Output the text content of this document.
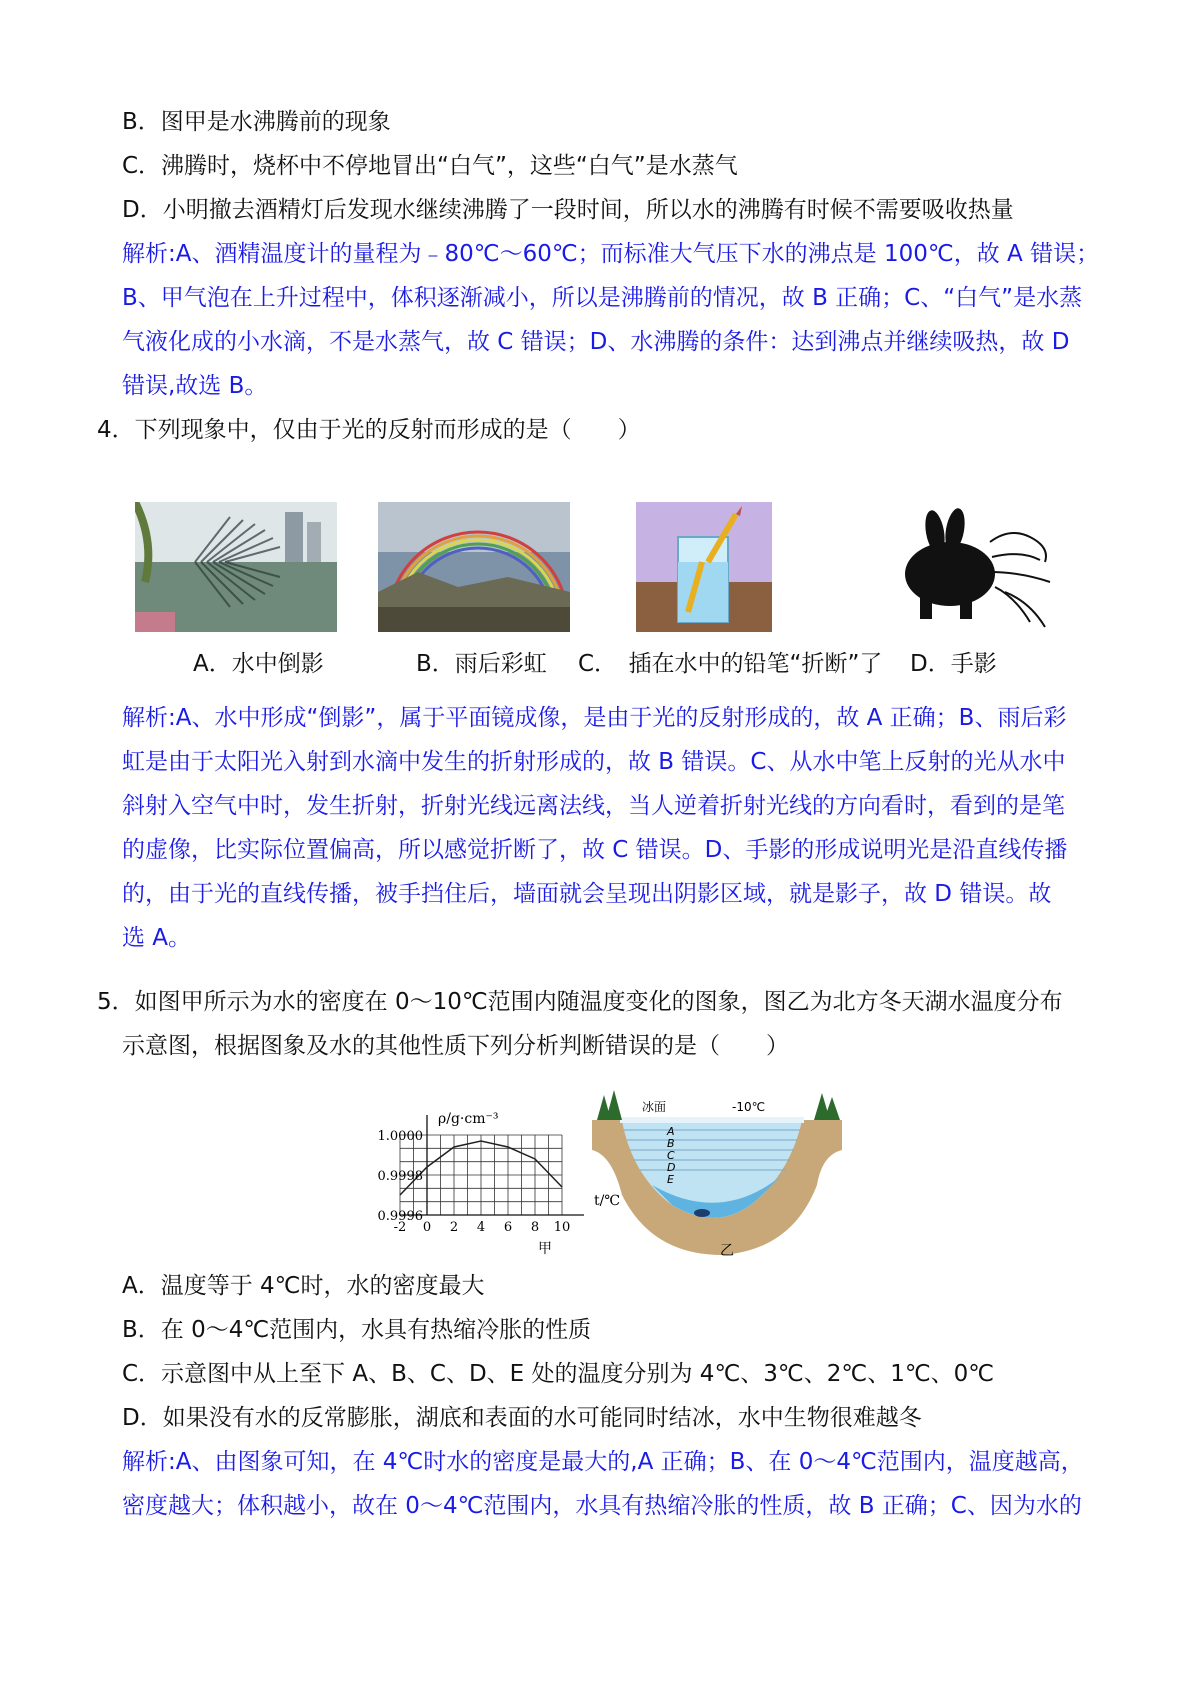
B．图甲是水沸腾前的现象
C．沸腾时，烧杯中不停地冒出“白气”，这些“白气”是水蒸气
D．小明撤去酒精灯后发现水继续沸腾了一段时间，所以水的沸腾有时候不需要吸收热量
解析:A、酒精温度计的量程为﹣80℃～60℃；而标准大气压下水的沸点是 100℃，故 A 错误；
B、甲气泡在上升过程中，体积逐渐减小，所以是沸腾前的情况，故 B 正确；C、“白气”是水蒸
气液化成的小水滴，不是水蒸气，故 C 错误；D、水沸腾的条件：达到沸点并继续吸热，故 D
错误,故选 B。
4．下列现象中，仅由于光的反射而形成的是（　　）
A．水中倒影	B．雨后彩虹 C．　插在水中的铅笔“折断”了 D．手影
解析:A、水中形成“倒影”，属于平面镜成像，是由于光的反射形成的，故 A 正确；B、雨后彩
虹是由于太阳光入射到水滴中发生的折射形成的，故 B 错误。C、从水中笔上反射的光从水中
斜射入空气中时，发生折射，折射光线远离法线，当人逆着折射光线的方向看时，看到的是笔
的虚像，比实际位置偏高，所以感觉折断了，故 C 错误。D、手影的形成说明光是沿直线传播
的，由于光的直线传播，被手挡住后，墙面就会呈现出阴影区域，就是影子，故 D 错误。故
选 A。
5．如图甲所示为水的密度在 0～10℃范围内随温度变化的图象，图乙为北方冬天湖水温度分布
示意图，根据图象及水的其他性质下列分析判断错误的是（　　）
ρ/g·cm⁻³
t/℃
甲
1.0000
0.9998
0.9996
-2 0 2 4 6 8 10
冰面	-10℃
A
B
C
D
E
乙
A．温度等于 4℃时，水的密度最大
B．在 0～4℃范围内，水具有热缩冷胀的性质
C．示意图中从上至下 A、B、C、D、E 处的温度分别为 4℃、3℃、2℃、1℃、0℃
D．如果没有水的反常膨胀，湖底和表面的水可能同时结冰，水中生物很难越冬
解析:A、由图象可知，在 4℃时水的密度是最大的,A 正确；B、在 0～4℃范围内，温度越高，
密度越大；体积越小，故在 0～4℃范围内，水具有热缩冷胀的性质，故 B 正确；C、因为水的
